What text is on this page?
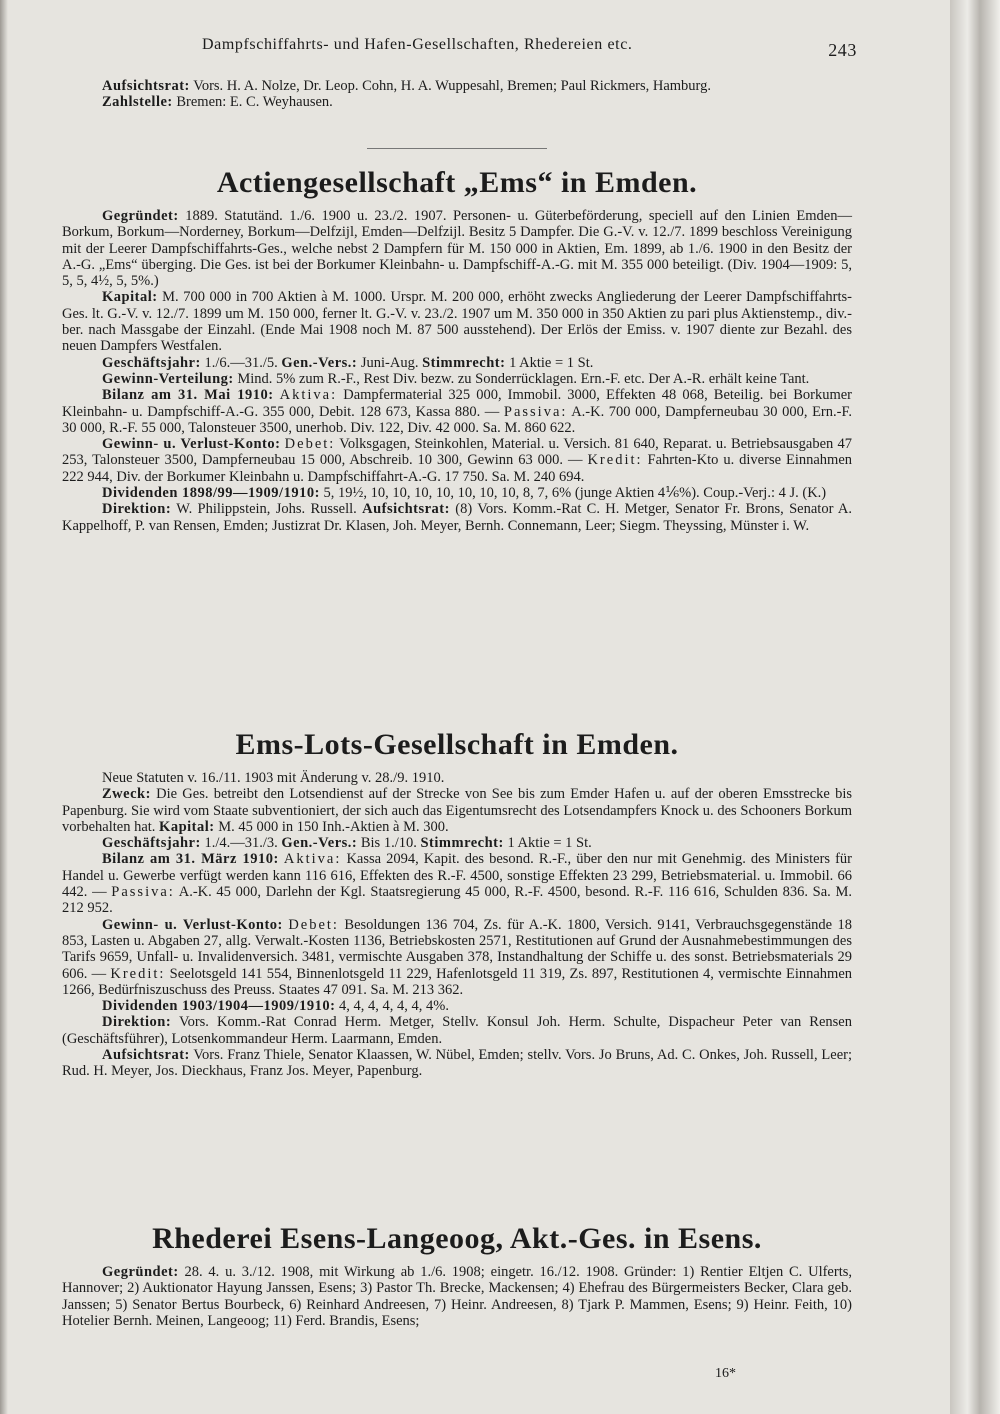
Dampfschiffahrts- und Hafen-Gesellschaften, Rhedereien etc.	243

Aufsichtsrat: Vors. H. A. Nolze, Dr. Leop. Cohn, H. A. Wuppesahl, Bremen; Paul Rickmers, Hamburg.

Zahlstelle: Bremen: E. C. Weyhausen.

Actiengesellschaft „Ems“ in Emden.

Gegründet: 1889. Statutänd. 1./6. 1900 u. 23./2. 1907. Personen- u. Güterbeförderung, speciell auf den Linien Emden—Borkum, Borkum—Norderney, Borkum—Delfzijl, Emden—Delfzijl. Besitz 5 Dampfer. Die G.-V. v. 12./7. 1899 beschloss Vereinigung mit der Leerer Dampfschiffahrts-Ges., welche nebst 2 Dampfern für M. 150 000 in Aktien, Em. 1899, ab 1./6. 1900 in den Besitz der A.-G. „Ems“ überging. Die Ges. ist bei der Borkumer Kleinbahn- u. Dampfschiff-A.-G. mit M. 355 000 beteiligt. (Div. 1904—1909: 5, 5, 5, 4½, 5, 5%.)

Kapital: M. 700 000 in 700 Aktien à M. 1000. Urspr. M. 200 000, erhöht zwecks Angliederung der Leerer Dampfschiffahrts-Ges. lt. G.-V. v. 12./7. 1899 um M. 150 000, ferner lt. G.-V. v. 23./2. 1907 um M. 350 000 in 350 Aktien zu pari plus Aktienstemp., div.-ber. nach Massgabe der Einzahl. (Ende Mai 1908 noch M. 87 500 ausstehend). Der Erlös der Emiss. v. 1907 diente zur Bezahl. des neuen Dampfers Westfalen.

Geschäftsjahr: 1./6.—31./5. Gen.-Vers.: Juni-Aug. Stimmrecht: 1 Aktie = 1 St.

Gewinn-Verteilung: Mind. 5% zum R.-F., Rest Div. bezw. zu Sonderrücklagen. Ern.-F. etc. Der A.-R. erhält keine Tant.

Bilanz am 31. Mai 1910: Aktiva: Dampfermaterial 325 000, Immobil. 3000, Effekten 48 068, Beteilig. bei Borkumer Kleinbahn- u. Dampfschiff-A.-G. 355 000, Debit. 128 673, Kassa 880. — Passiva: A.-K. 700 000, Dampferneubau 30 000, Ern.-F. 30 000, R.-F. 55 000, Talonsteuer 3500, unerhob. Div. 122, Div. 42 000. Sa. M. 860 622.

Gewinn- u. Verlust-Konto: Debet: Volksgagen, Steinkohlen, Material. u. Versich. 81 640, Reparat. u. Betriebsausgaben 47 253, Talonsteuer 3500, Dampferneubau 15 000, Abschreib. 10 300, Gewinn 63 000. — Kredit: Fahrten-Kto u. diverse Einnahmen 222 944, Div. der Borkumer Kleinbahn u. Dampfschiffahrt-A.-G. 17 750. Sa. M. 240 694.

Dividenden 1898/99—1909/1910: 5, 19½, 10, 10, 10, 10, 10, 10, 10, 8, 7, 6% (junge Aktien 4⅙%). Coup.-Verj.: 4 J. (K.)

Direktion: W. Philippstein, Johs. Russell. Aufsichtsrat: (8) Vors. Komm.-Rat C. H. Metger, Senator Fr. Brons, Senator A. Kappelhoff, P. van Rensen, Emden; Justizrat Dr. Klasen, Joh. Meyer, Bernh. Connemann, Leer; Siegm. Theyssing, Münster i. W.

Ems-Lots-Gesellschaft in Emden.

Neue Statuten v. 16./11. 1903 mit Änderung v. 28./9. 1910.

Zweck: Die Ges. betreibt den Lotsendienst auf der Strecke von See bis zum Emder Hafen u. auf der oberen Emsstrecke bis Papenburg. Sie wird vom Staate subventioniert, der sich auch das Eigentumsrecht des Lotsendampfers Knock u. des Schooners Borkum vorbehalten hat. Kapital: M. 45 000 in 150 Inh.-Aktien à M. 300.

Geschäftsjahr: 1./4.—31./3. Gen.-Vers.: Bis 1./10. Stimmrecht: 1 Aktie = 1 St.

Bilanz am 31. März 1910: Aktiva: Kassa 2094, Kapit. des besond. R.-F., über den nur mit Genehmig. des Ministers für Handel u. Gewerbe verfügt werden kann 116 616, Effekten des R.-F. 4500, sonstige Effekten 23 299, Betriebsmaterial. u. Immobil. 66 442. — Passiva: A.-K. 45 000, Darlehn der Kgl. Staatsregierung 45 000, R.-F. 4500, besond. R.-F. 116 616, Schulden 836. Sa. M. 212 952.

Gewinn- u. Verlust-Konto: Debet: Besoldungen 136 704, Zs. für A.-K. 1800, Versich. 9141, Verbrauchsgegenstände 18 853, Lasten u. Abgaben 27, allg. Verwalt.-Kosten 1136, Betriebskosten 2571, Restitutionen auf Grund der Ausnahmebestimmungen des Tarifs 9659, Unfall- u. Invalidenversich. 3481, vermischte Ausgaben 378, Instandhaltung der Schiffe u. des sonst. Betriebsmaterials 29 606. — Kredit: Seelotsgeld 141 554, Binnenlotsgeld 11 229, Hafenlotsgeld 11 319, Zs. 897, Restitutionen 4, vermischte Einnahmen 1266, Bedürfniszuschuss des Preuss. Staates 47 091. Sa. M. 213 362.

Dividenden 1903/1904—1909/1910: 4, 4, 4, 4, 4, 4, 4%.

Direktion: Vors. Komm.-Rat Conrad Herm. Metger, Stellv. Konsul Joh. Herm. Schulte, Dispacheur Peter van Rensen (Geschäftsführer), Lotsenkommandeur Herm. Laarmann, Emden.

Aufsichtsrat: Vors. Franz Thiele, Senator Klaassen, W. Nübel, Emden; stellv. Vors. Jo Bruns, Ad. C. Onkes, Joh. Russell, Leer; Rud. H. Meyer, Jos. Dieckhaus, Franz Jos. Meyer, Papenburg.

Rhederei Esens-Langeoog, Akt.-Ges. in Esens.

Gegründet: 28. 4. u. 3./12. 1908, mit Wirkung ab 1./6. 1908; eingetr. 16./12. 1908. Gründer: 1) Rentier Eltjen C. Ulferts, Hannover; 2) Auktionator Hayung Janssen, Esens; 3) Pastor Th. Brecke, Mackensen; 4) Ehefrau des Bürgermeisters Becker, Clara geb. Janssen; 5) Senator Bertus Bourbeck, 6) Reinhard Andreesen, 7) Heinr. Andreesen, 8) Tjark P. Mammen, Esens; 9) Heinr. Feith, 10) Hotelier Bernh. Meinen, Langeoog; 11) Ferd. Brandis, Esens;

16*
